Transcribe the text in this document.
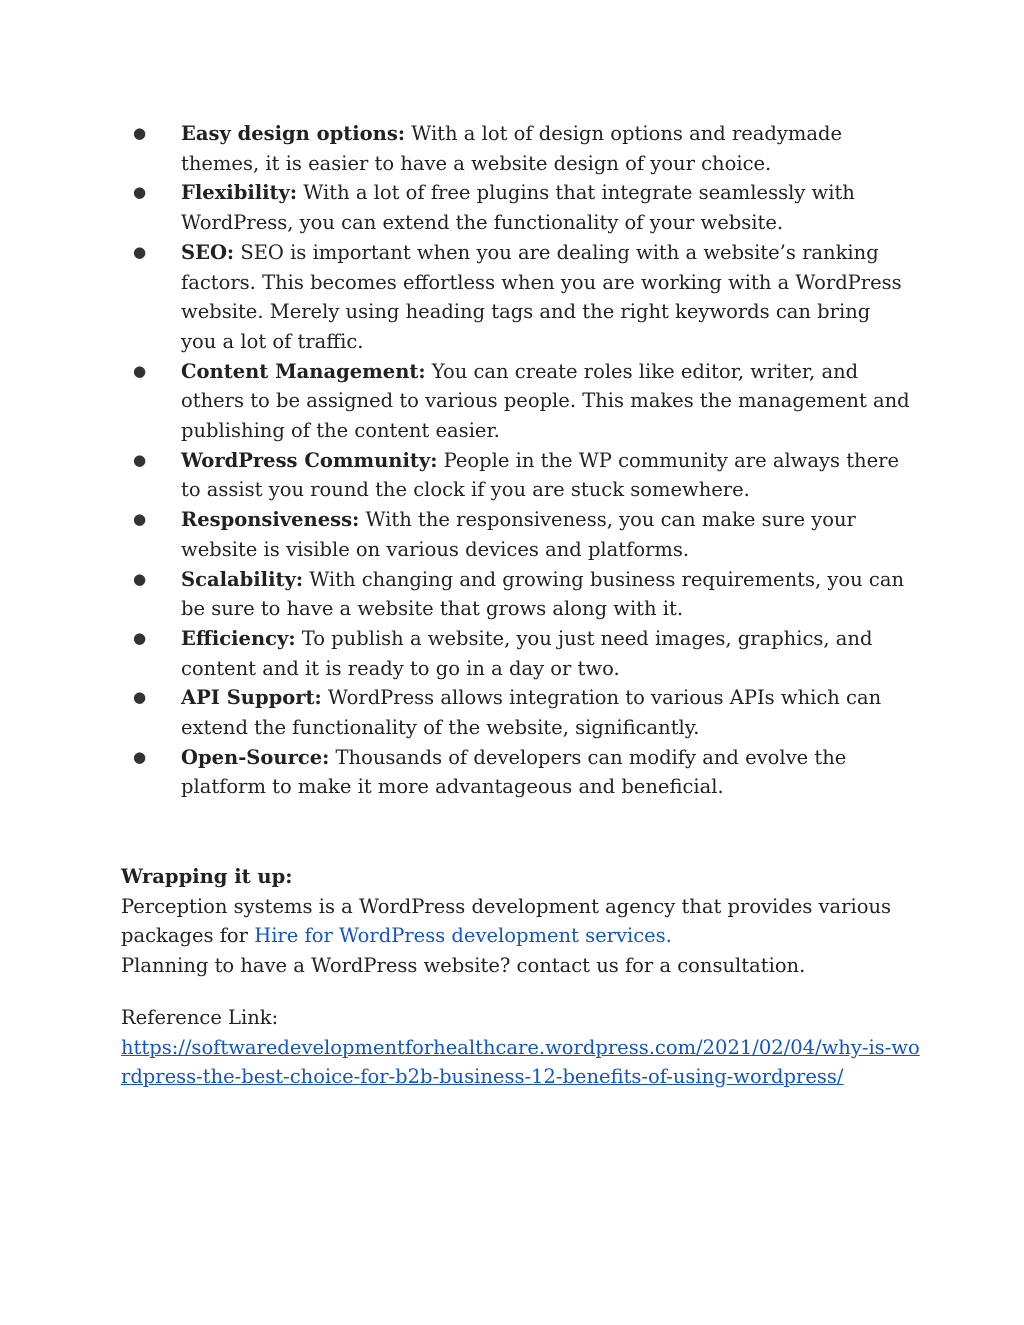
● Easy design options: With a lot of design options and readymade themes, it is easier to have a website design of your choice.
● Flexibility: With a lot of free plugins that integrate seamlessly with WordPress, you can extend the functionality of your website.
● SEO: SEO is important when you are dealing with a website’s ranking factors. This becomes effortless when you are working with a WordPress website. Merely using heading tags and the right keywords can bring you a lot of traffic.
● Content Management: You can create roles like editor, writer, and others to be assigned to various people. This makes the management and publishing of the content easier.
● WordPress Community: People in the WP community are always there to assist you round the clock if you are stuck somewhere.
● Responsiveness: With the responsiveness, you can make sure your website is visible on various devices and platforms.
● Scalability: With changing and growing business requirements, you can be sure to have a website that grows along with it.
● Efficiency: To publish a website, you just need images, graphics, and content and it is ready to go in a day or two.
● API Support: WordPress allows integration to various APIs which can extend the functionality of the website, significantly.
● Open-Source: Thousands of developers can modify and evolve the platform to make it more advantageous and beneficial.
Wrapping it up:
Perception systems is a WordPress development agency that provides various packages for Hire for WordPress development services.
Planning to have a WordPress website? contact us for a consultation.
Reference Link:
https://softwaredevelopmentforhealthcare.wordpress.com/2021/02/04/why-is-wordpress-the-best-choice-for-b2b-business-12-benefits-of-using-wordpress/
